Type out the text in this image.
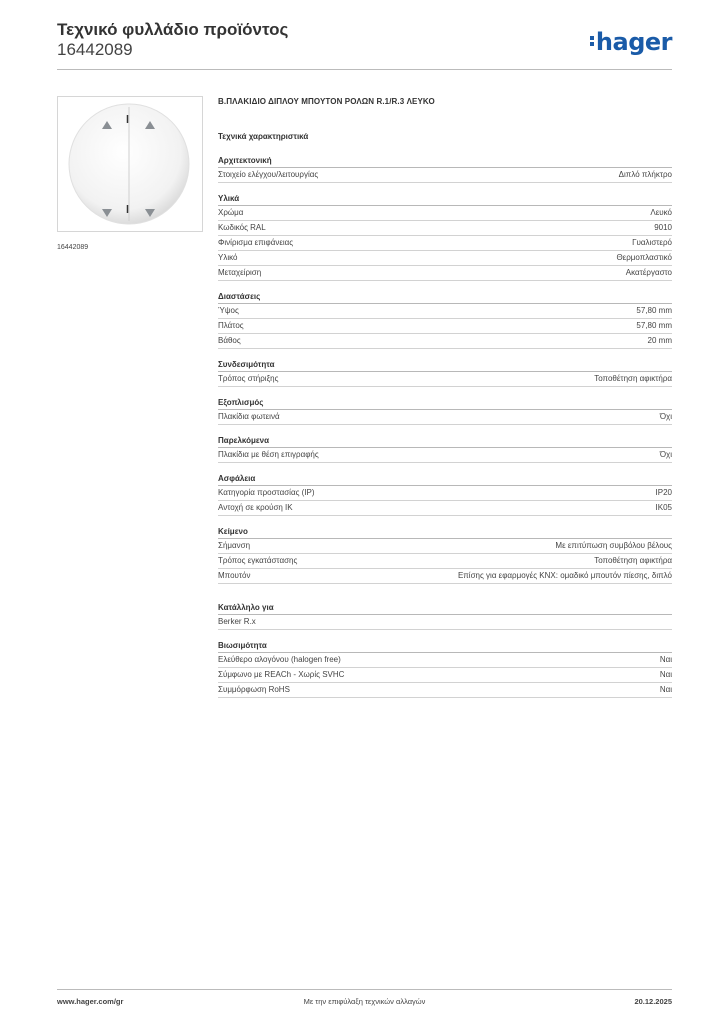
Τεχνικό φυλλάδιο προϊόντος
16442089	hager
16442089
Β.ΠΛΑΚΙΔΙΟ ΔΙΠΛΟΥ ΜΠΟΥΤΟΝ ΡΟΛΩΝ R.1/R.3 ΛΕΥΚΟ
Τεχνικά χαρακτηριστικά
Αρχιτεκτονική
Στοιχείο ελέγχου/λειτουργίας	Διπλό πλήκτρο
Υλικά
Χρώμα	Λευκό
Κωδικός RAL	9010
Φινίρισμα επιφάνειας	Γυαλιστερό
Υλικό	Θερμοπλαστικό
Μεταχείριση	Ακατέργαστο
Διαστάσεις
Ύψος	57,80 mm
Πλάτος	57,80 mm
Βάθος	20 mm
Συνδεσιμότητα
Τρόπος στήριξης	Τοποθέτηση αφικτήρα
Εξοπλισμός
Πλακίδια φωτεινά	Όχι
Παρελκόμενα
Πλακίδια με θέση επιγραφής	Όχι
Ασφάλεια
Κατηγορία προστασίας (IP)	IP20
Αντοχή σε κρούση IK	IK05
Κείμενο
Σήμανση	Με επιτύπωση συμβόλου βέλους
Τρόπος εγκατάστασης	Τοποθέτηση αφικτήρα
Μπουτόν	Επίσης για εφαρμογές KNX: ομαδικό μπουτόν πίεσης, διπλό
Κατάλληλο για
Berker R.x
Βιωσιμότητα
Ελεύθερο αλογόνου (halogen free)	Ναι
Σύμφωνο με REACh - Χωρίς SVHC	Ναι
Συμμόρφωση RoHS	Ναι
www.hager.com/gr	Με την επιφύλαξη τεχνικών αλλαγών	20.12.2025
